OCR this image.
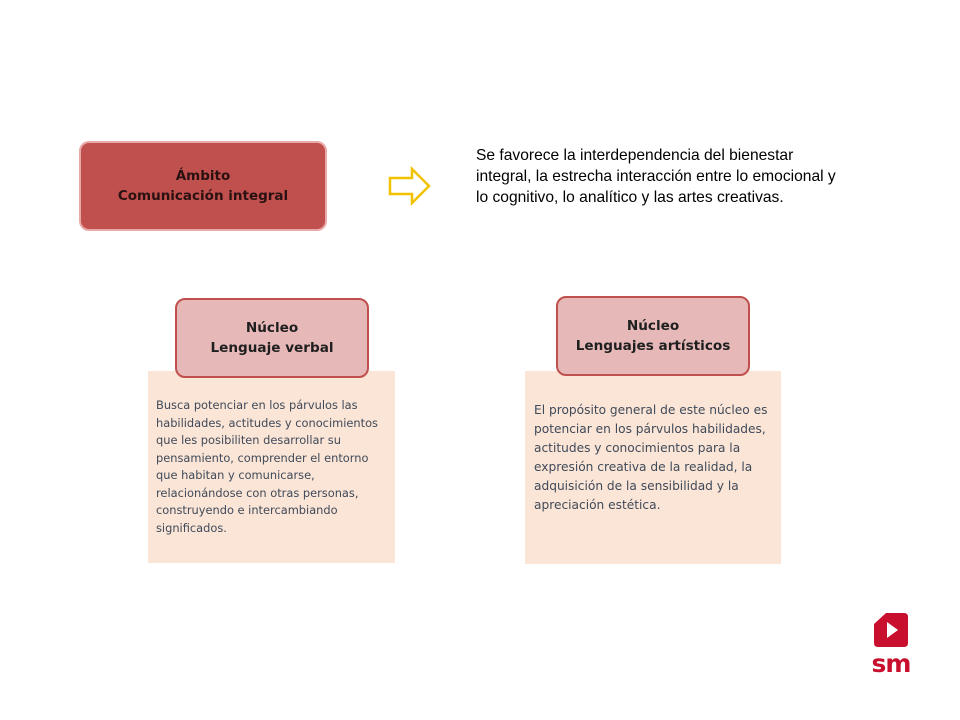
Ámbito
Comunicación integral
Se favorece la interdependencia del bienestar integral, la estrecha interacción entre lo emocional y lo cognitivo, lo analítico y las artes creativas.
Busca potenciar en los párvulos las habilidades, actitudes y conocimientos que les posibiliten desarrollar su pensamiento, comprender el entorno que habitan y comunicarse, relacionándose con otras personas, construyendo e intercambiando significados.
Núcleo
Lenguaje verbal
El propósito general de este núcleo es potenciar en los párvulos habilidades, actitudes y conocimientos para la expresión creativa de la realidad, la adquisición de la sensibilidad y la apreciación estética.
Núcleo
Lenguajes artísticos
sm
